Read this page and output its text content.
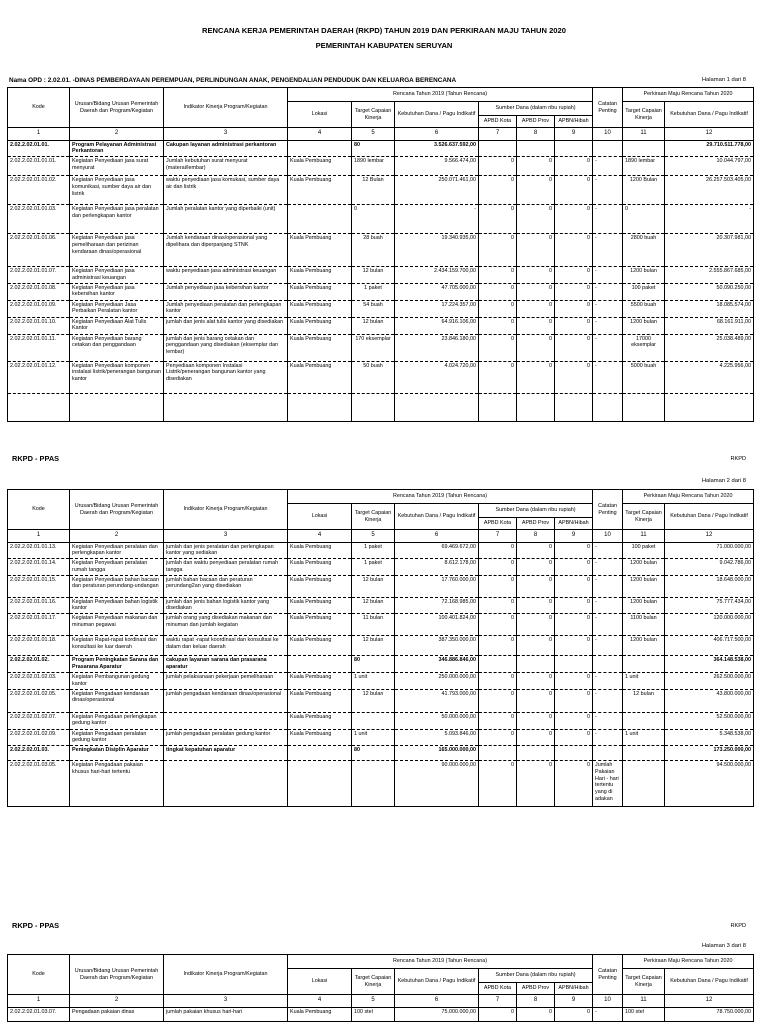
RENCANA KERJA PEMERINTAH DAERAH (RKPD) TAHUN 2019 DAN PERKIRAAN MAJU TAHUN 2020
PEMERINTAH KABUPATEN SERUYAN
Nama OPD : 2.02.01. -DINAS PEMBERDAYAAN PEREMPUAN, PERLINDUNGAN ANAK, PENGENDALIAN PENDUDUK DAN KELUARGA BERENCANA	Halaman 1 dari 8
Kode	Urusan/Bidang Urusan Pemerintah Daerah dan Program/Kegiatan	Indikator Kinerja Program/Kegiatan	Rencana Tahun 2019 (Tahun Rencana)						Catatan Penting	Perkiraan Maju Rencana Tahun 2020	
			Lokasi	Target Capaian Kinerja	Kebutuhan Dana / Pagu Indikatif	Sumber Dana (dalam ribu rupiah)				Target Capaian Kinerja	Kebutuhan Dana / Pagu Indikatif
						APBD Kota	APBD Prov	APBN/Hibah			
1	2	3	4	5	6	7	8	9	10	11	12
2.02.2.02.01.01.	Program Pelayanan Administrasi Perkantoran	Cakupan layanan administrasi perkantoran		80	3.526.637.592,00						29.710.511.778,00
2.02.2.02.01.01.01.	Kegiatan Penyediaan jasa surat menyurat	Jumlah kebutuhan surat menyurat (materai/lembar)	Kuala Pembuang	1890 lembar	9.566.474,00	0	0	0	-	1890 lembar	10.044.797,00
2.02.2.02.01.01.02.	Kegiatan Penyediaan jasa komunikasi, sumber daya air dan listrik	waktu penyediaan jasa komukasi, sumber daya air dan listrik	Kuala Pembuang	12 Bulan	250.071.461,00	0	0	0	-	1200 Bulan	26.257.503.405,00
2.02.2.02.01.01.03.	Kegiatan Penyediaan jasa peralatan dan perlengkapan kantor	Jumlah peralatan kantor yang diperbaiki (unit)		0	-	0	0	0	-	0	-
2.02.2.02.01.01.06.	Kegiatan Penyediaan jasa pemeliharaan dan perizinan kendaraan dinas/operasional	Jumlah kendaraan dinas/operasional yang dipelihara dan diperpanjang STNK	Kuala Pembuang	28 buah	19.340.935,00	0	0	0	-	2800 buah	20.307.981,00
2.02.2.02.01.01.07.	Kegiatan Penyediaan jasa administrasi keuangan	waktu penyediaan jasa administrasi keuangan	Kuala Pembuang	12 bulan	2.434.159.700,00	0	0	0	-	1200 bulan	2.555.867.685,00
2.02.2.02.01.01.08.	Kegiatan Penyediaan jasa kebersihan kantor	Jumlah penyediaan jasa kebersihan kantor	Kuala Pembuang	1 paket	47.705.000,00	0	0	0	-	100 paket	50.090.250,00
2.02.2.02.01.01.09.	Kegiatan Penyediaan Jasa Perbaikan Peralatan kantor	Jumlah penyediaan peralatan dan perlengkapan kantor	Kuala Pembuang	54 buah	17.224.357,00	0	0	0	-	5500 buah	18.085.574,00
2.02.2.02.01.01.10.	Kegiatan Penyediaan Alat Tulis Kantor	jumlah dan jenis alat tulis kantor yang disediakan	Kuala Pembuang	12 bulan	64.916.106,00	0	0	0	-	1200 bulan	68.161.911,00
2.02.2.02.01.01.11.	Kegiatan Penyediaan barang cetakan dan penggandaan	jumlah dan jenis barang cetakan dan penggandaan yang disediakan (eksemplar dan lembar)	Kuala Pembuang	170 eksemplar	23.846.180,00	0	0	0	-	17000 eksemplar	25.038.489,00
2.02.2.02.01.01.12.	Kegiatan Penyediaan komponen instalasi listrik/penerangan bangunan kantor	Penyediaan komponen Instalasi Listrik/penerangan bangunan kantor yang disediakan	Kuala Pembuang	50 buah	4.024.720,00	0	0	0	-	5000 buah	4.225.956,00

RKPD - PPAS	RKPD
Halaman 2 dari 8
Kode	Urusan/Bidang Urusan Pemerintah Daerah dan Program/Kegiatan	Indikator Kinerja Program/Kegiatan	Rencana Tahun 2019 (Tahun Rencana)						Catatan Penting	Perkiraan Maju Rencana Tahun 2020	
			Lokasi	Target Capaian Kinerja	Kebutuhan Dana / Pagu Indikatif	Sumber Dana (dalam ribu rupiah)				Target Capaian Kinerja	Kebutuhan Dana / Pagu Indikatif
						APBD Kota	APBD Prov	APBN/Hibah			
1	2	3	4	5	6	7	8	9	10	11	12
2.02.2.02.01.01.13.	Kegiatan Penyediaan peralatan dan perlengkapan kantor	jumlah dan jenis peralatan dan perlengkapan kantor yang sediakan	Kuala Pembuang	1 paket	69.469.672,00	0	0	0	-	100 paket	71.000.000,00
2.02.2.02.01.01.14.	Kegiatan Penyediaan peralatan rumah tangga	jumlah dan waktu penyediaan peralatan rumah tangga	Kuala Pembuang	1 paket	8.612.178,00	0	0	0	-	1200 bulan	9.042.786,00
2.02.2.02.01.01.15.	Kegiatan Penyediaan bahan bacaan dan peraturan perundang-undangan	jumlah bahan bacaan dan peraturan perundang2an yang disediakan	Kuala Pembuang	12 bulan	17.760.000,00	0	0	0	-	1200 bulan	18.648.000,00
2.02.2.02.01.01.16.	Kegiatan Penyediaan bahan logistik kantor	jumlah dan jenis bahan logistik kantor yang disediakan	Kuala Pembuang	12 bulan	72.168.985,00	0	0	0	-	1200 bulan	75.777.434,00
2.02.2.02.01.01.17.	Kegiatan Penyediaan makanan dan minuman pegawai	jumlah orang yang disediakan makanan dan minuman dan jumlah kegiatan	Kuala Pembuang	11 bulan	100.401.824,00	0	0	0	-	1100 bulan	120.000.000,00
2.02.2.02.01.01.18.	Kegiatan Rapat-rapat kordinasi dan konsultasi ke luar daerah	waktu rapat -rapat koordinasi dan konsultasi ke dalam dan keluar daerah	Kuala Pembuang	12 bulan	387.350.000,00	0	0	0	-	1200 bulan	406.717.500,00
2.02.2.02.01.02.	Program Peningkatan Sarana dan Prasarana Aparatur	cakupan layanan sarana dan prasarana aparatur		80	346.886.846,00						364.148.538,00
2.02.2.02.01.02.03.	Kegiatan Pembangunan gedung kantor	jumlah pelaksanaan pekerjaan pemeliharaan	Kuala Pembuang	1 unit	250.000.000,00	0	0	0	-	1 unit	262.500.000,00
2.02.2.02.01.02.05.	Kegiatan Pengadaan kendaraan dinas/operasional	jumlah pengadaan kendaraan dinas/operasional	Kuala Pembuang	12 bulan	41.793.000,00	0	0	0	-	12 bulan	43.800.000,00
2.02.2.02.01.02.07.	Kegiatan Pengadaan perlengkapan gedung kantor		Kuala Pembuang		50.000.000,00	0	0	0	-		52.500.000,00
2.02.2.02.01.02.09.	Kegiatan Pengadaan peralatan gedung kantor	jumlah pengadaan peralatan gedung kantor	Kuala Pembuang	1 unit	5.093.846,00	0	0	0	-	1 unit	5.348.538,00
2.02.2.02.01.03.	Peningkatan Disiplin Aparatur	tingkat kepatuhan aparatur		80	165.000.000,00						173.250.000,00
2.02.2.02.01.03.05.	Kegiatan Pengadaan pakaian khusus hari-hari tertentu				90.000.000,00	0	0	0	Jumlah Pakaian Hari - hari tertentu yang di adakan		94.500.000,00
RKPD - PPAS	RKPD
Halaman 3 dari 8
Kode	Urusan/Bidang Urusan Pemerintah Daerah dan Program/Kegiatan	Indikator Kinerja Program/Kegiatan	Rencana Tahun 2019 (Tahun Rencana)						Catatan Penting	Perkiraan Maju Rencana Tahun 2020	
			Lokasi	Target Capaian Kinerja	Kebutuhan Dana / Pagu Indikatif	Sumber Dana (dalam ribu rupiah)				Target Capaian Kinerja	Kebutuhan Dana / Pagu Indikatif
						APBD Kota	APBD Prov	APBN/Hibah			
1	2	3	4	5	6	7	8	9	10	11	12
2.02.2.02.01.03.07.	Pengadaan pakaian dinas	jumlah pakaian khusus hari-hari	Kuala Pembuang	100 stel	75.000.000,00	0	0	0	-	100 stel	78.750.000,00
